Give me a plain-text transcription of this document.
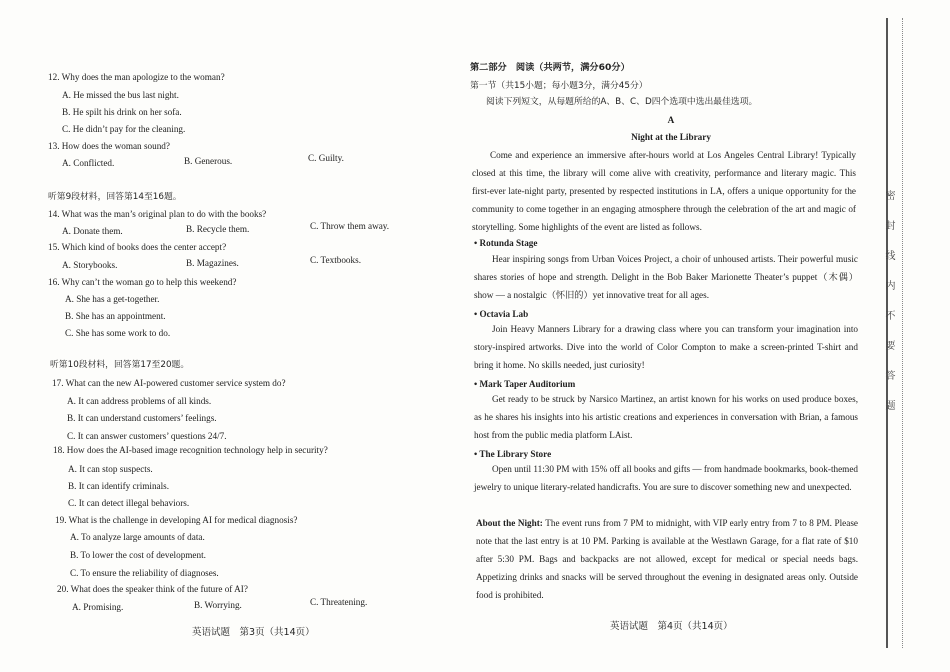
12. Why does the man apologize to the woman?
A. He missed the bus last night.
B. He spilt his drink on her sofa.
C. He didn’t pay for the cleaning.
13. How does the woman sound?
A. Conflicted.	B. Generous.	C. Guilty.
听第9段材料，回答第14至16题。
14. What was the man’s original plan to do with the books?
A. Donate them.	B. Recycle them.	C. Throw them away.
15. Which kind of books does the center accept?
A. Storybooks.	B. Magazines.	C. Textbooks.
16. Why can’t the woman go to help this weekend?
A. She has a get-together.
B. She has an appointment.
C. She has some work to do.
听第10段材料，回答第17至20题。
17. What can the new AI-powered customer service system do?
A. It can address problems of all kinds.
B. It can understand customers’ feelings.
C. It can answer customers’ questions 24/7.
18. How does the AI-based image recognition technology help in security?
A. It can stop suspects.
B. It can identify criminals.
C. It can detect illegal behaviors.
19. What is the challenge in developing AI for medical diagnosis?
A. To analyze large amounts of data.
B. To lower the cost of development.
C. To ensure the reliability of diagnoses.
20. What does the speaker think of the future of AI?
A. Promising.	B. Worrying.	C. Threatening.
英语试题　第3页（共14页）
第二部分　阅读（共两节，满分60分）
第一节（共15小题；每小题3分，满分45分）
阅读下列短文，从每题所给的A、B、C、D四个选项中选出最佳选项。
A
Night at the Library
Come and experience an immersive after-hours world at Los Angeles Central Library! Typically closed at this time, the library will come alive with creativity, performance and literary magic. This first-ever late-night party, presented by respected institutions in LA, offers a unique opportunity for the community to come together in an engaging atmosphere through the celebration of the art and magic of storytelling. Some highlights of the event are listed as follows.
• Rotunda Stage
Hear inspiring songs from Urban Voices Project, a choir of unhoused artists. Their powerful music shares stories of hope and strength. Delight in the Bob Baker Marionette Theater’s puppet（木偶）show — a nostalgic（怀旧的）yet innovative treat for all ages.
• Octavia Lab
Join Heavy Manners Library for a drawing class where you can transform your imagination into story-inspired artworks. Dive into the world of Color Compton to make a screen-printed T-shirt and bring it home. No skills needed, just curiosity!
• Mark Taper Auditorium
Get ready to be struck by Narsico Martinez, an artist known for his works on used produce boxes, as he shares his insights into his artistic creations and experiences in conversation with Brian, a famous host from the public media platform LAist.
• The Library Store
Open until 11:30 PM with 15% off all books and gifts — from handmade bookmarks, book-themed jewelry to unique literary-related handicrafts. You are sure to discover something new and unexpected.
About the Night: The event runs from 7 PM to midnight, with VIP early entry from 7 to 8 PM. Please note that the last entry is at 10 PM. Parking is available at the Westlawn Garage, for a flat rate of $10 after 5:30 PM. Bags and backpacks are not allowed, except for medical or special needs bags. Appetizing drinks and snacks will be served throughout the evening in designated areas only. Outside food is prohibited.
英语试题　第4页（共14页）
密封线内不要答题
